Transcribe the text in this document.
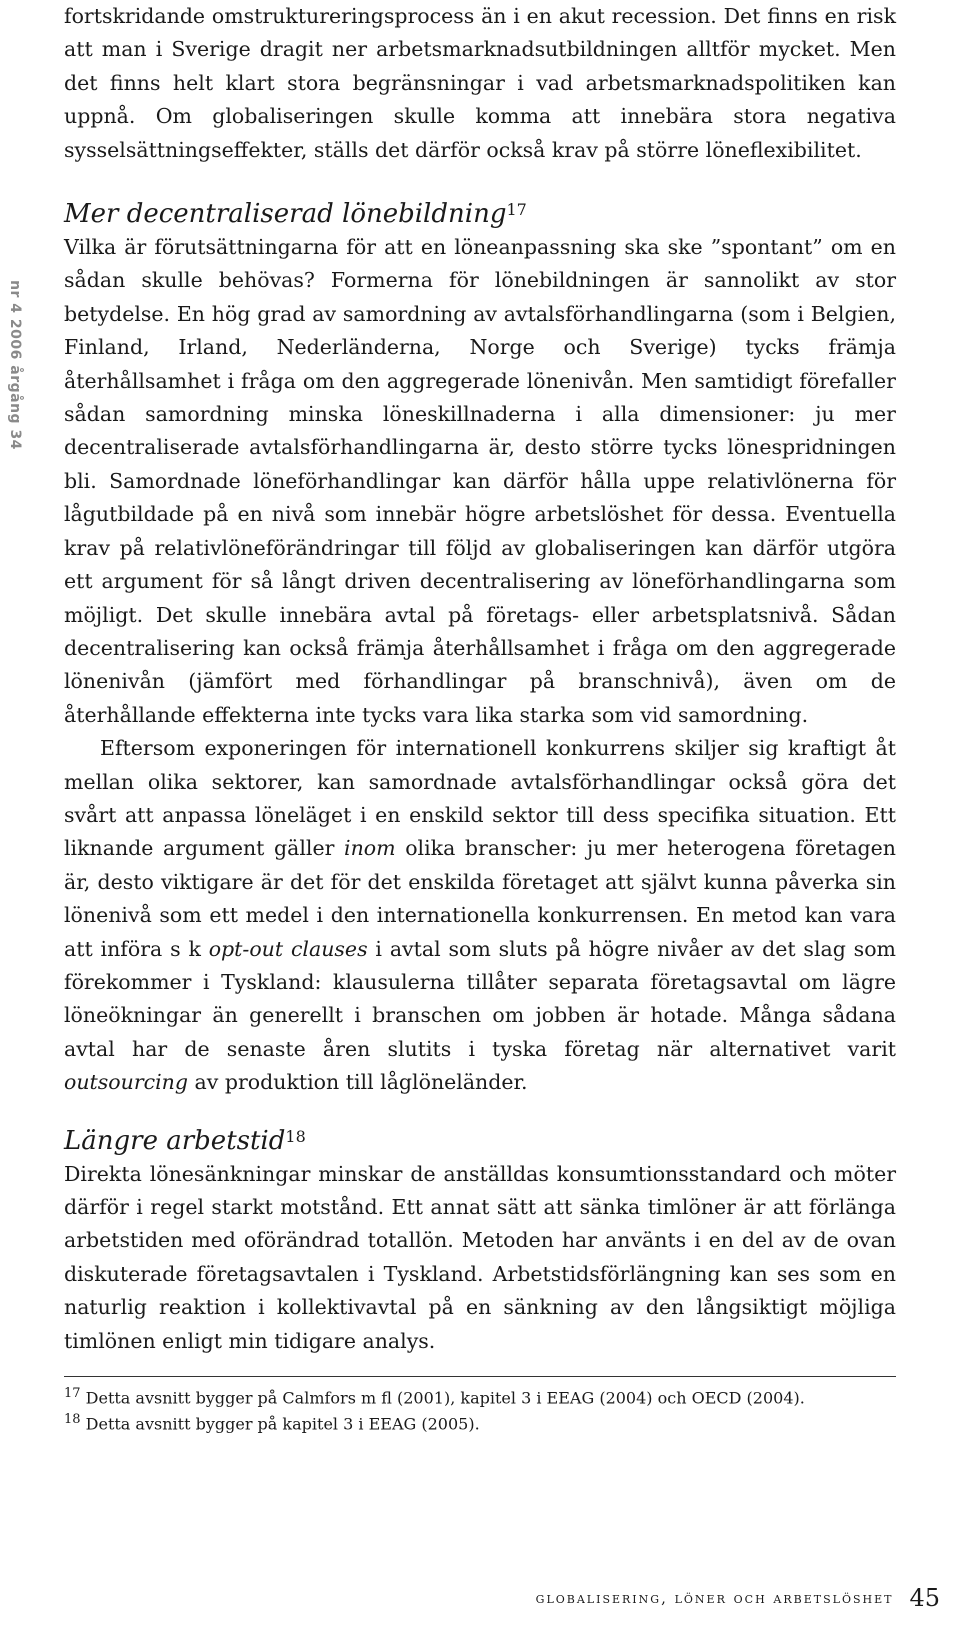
nr 4 2006 årgång 34

fortskridande omstruktureringsprocess än i en akut recession. Det finns en risk att man i Sverige dragit ner arbetsmarknadsutbildningen alltför mycket. Men det finns helt klart stora begränsningar i vad arbetsmarknadspolitiken kan uppnå. Om globaliseringen skulle komma att innebära stora negativa sysselsättningseffekter, ställs det därför också krav på större löneflexibilitet.

Mer decentraliserad lönebildning$^{17}$

Vilka är förutsättningarna för att en löneanpassning ska ske ”spontant” om en sådan skulle behövas? Formerna för lönebildningen är sannolikt av stor betydelse. En hög grad av samordning av avtalsförhandlingarna (som i Belgien, Finland, Irland, Nederländerna, Norge och Sverige) tycks främja återhållsamhet i fråga om den aggregerade lönenivån. Men samtidigt förefaller sådan samordning minska löneskillnaderna i alla dimensioner: ju mer decentraliserade avtalsförhandlingarna är, desto större tycks lönespridningen bli. Samordnade löneförhandlingar kan därför hålla uppe relativlönerna för lågutbildade på en nivå som innebär högre arbetslöshet för dessa. Eventuella krav på relativlöneförändringar till följd av globaliseringen kan därför utgöra ett argument för så långt driven decentralisering av löneförhandlingarna som möjligt. Det skulle innebära avtal på företags- eller arbetsplatsnivå. Sådan decentralisering kan också främja återhållsamhet i fråga om den aggregerade lönenivån (jämfört med förhandlingar på branschnivå), även om de återhållande effekterna inte tycks vara lika starka som vid samordning.

Eftersom exponeringen för internationell konkurrens skiljer sig kraftigt åt mellan olika sektorer, kan samordnade avtalsförhandlingar också göra det svårt att anpassa löneläget i en enskild sektor till dess specifika situation. Ett liknande argument gäller inom olika branscher: ju mer heterogena företagen är, desto viktigare är det för det enskilda företaget att självt kunna påverka sin lönenivå som ett medel i den internationella konkurrensen. En metod kan vara att införa s k opt-out clauses i avtal som sluts på högre nivåer av det slag som förekommer i Tyskland: klausulerna tillåter separata företagsavtal om lägre löneökningar än generellt i branschen om jobben är hotade. Många sådana avtal har de senaste åren slutits i tyska företag när alternativet varit outsourcing av produktion till låglöneländer.

Längre arbetstid$^{18}$

Direkta lönesänkningar minskar de anställdas konsumtionsstandard och möter därför i regel starkt motstånd. Ett annat sätt att sänka timlöner är att förlänga arbetstiden med oförändrad totallön. Metoden har använts i en del av de ovan diskuterade företagsavtalen i Tyskland. Arbetstidsförlängning kan ses som en naturlig reaktion i kollektivavtal på en sänkning av den långsiktigt möjliga timlönen enligt min tidigare analys.

$^{17}$ Detta avsnitt bygger på Calmfors m fl (2001), kapitel 3 i EEAG (2004) och OECD (2004).
$^{18}$ Detta avsnitt bygger på kapitel 3 i EEAG (2005).
globalisering, löner och arbetslöshet 45
